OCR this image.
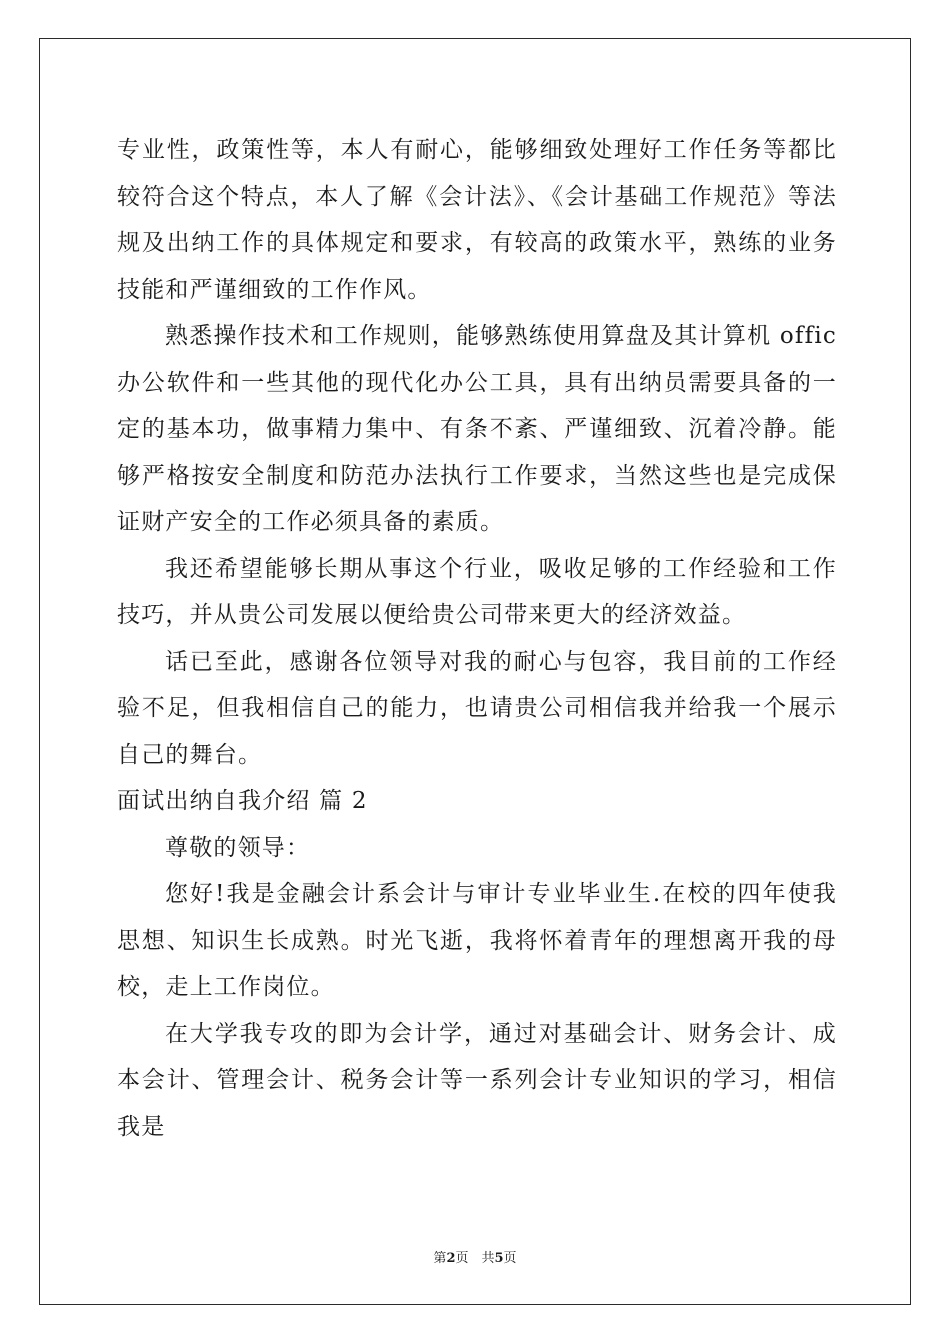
专业性，政策性等，本人有耐心，能够细致处理好工作任务等都比较符合这个特点，本人了解《会计法》、《会计基础工作规范》等法规及出纳工作的具体规定和要求，有较高的政策水平，熟练的业务技能和严谨细致的工作作风。

熟悉操作技术和工作规则，能够熟练使用算盘及其计算机 offic 办公软件和一些其他的现代化办公工具，具有出纳员需要具备的一定的基本功，做事精力集中、有条不紊、严谨细致、沉着冷静。能够严格按安全制度和防范办法执行工作要求，当然这些也是完成保证财产安全的工作必须具备的素质。

我还希望能够长期从事这个行业，吸收足够的工作经验和工作技巧，并从贵公司发展以便给贵公司带来更大的经济效益。

话已至此，感谢各位领导对我的耐心与包容，我目前的工作经验不足，但我相信自己的能力，也请贵公司相信我并给我一个展示自己的舞台。

面试出纳自我介绍 篇 2

尊敬的领导：

您好!我是金融会计系会计与审计专业毕业生.在校的四年使我思想、知识生长成熟。时光飞逝，我将怀着青年的理想离开我的母校，走上工作岗位。

在大学我专攻的即为会计学，通过对基础会计、财务会计、成本会计、管理会计、税务会计等一系列会计专业知识的学习，相信我是

第2页　共5页
